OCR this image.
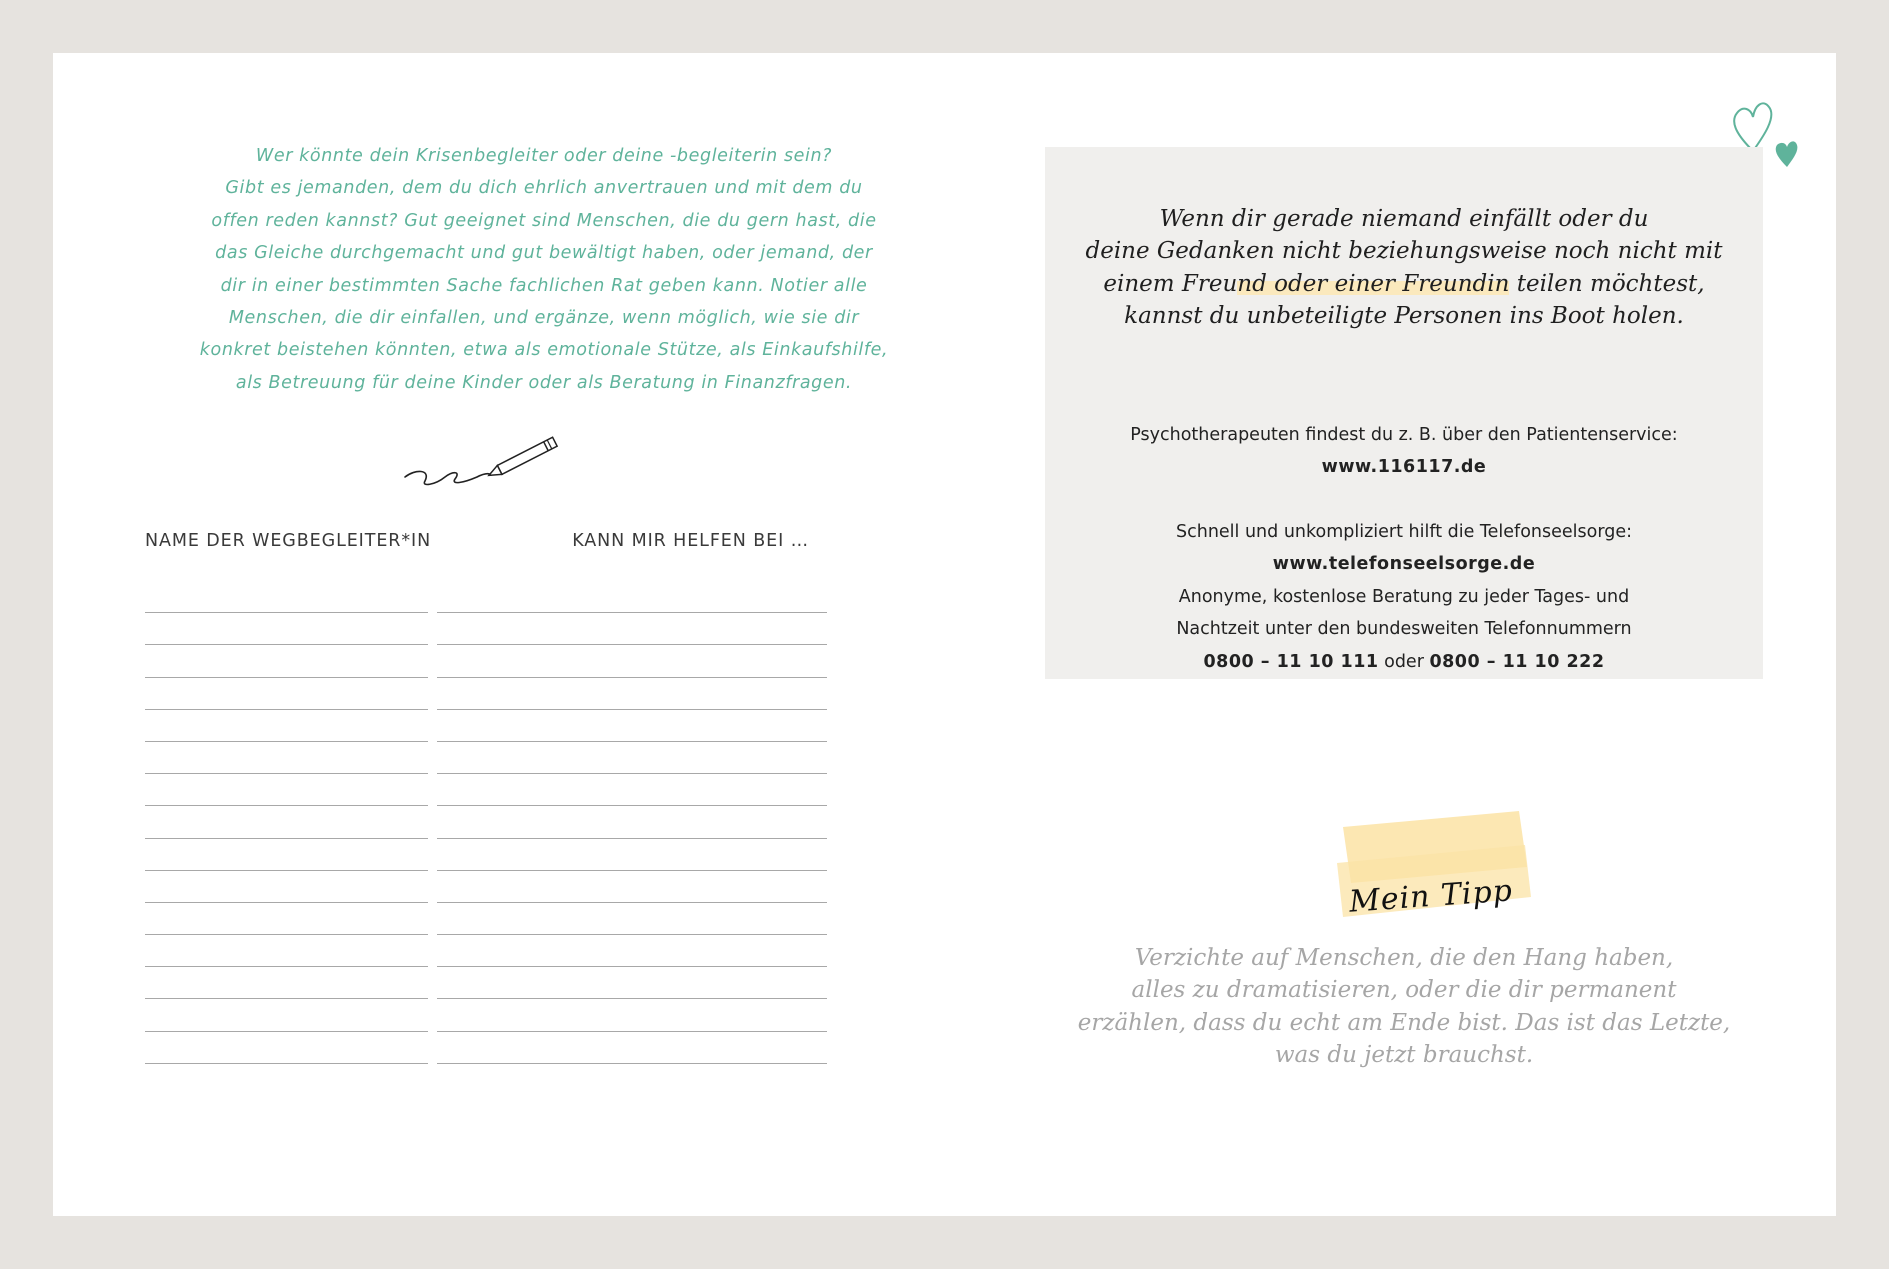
Wer könnte dein Krisenbegleiter oder deine -begleiterin sein?
Gibt es jemanden, dem du dich ehrlich anvertrauen und mit dem du
offen reden kannst? Gut geeignet sind Menschen, die du gern hast, die
das Gleiche durchgemacht und gut bewältigt haben, oder jemand, der
dir in einer bestimmten Sache fachlichen Rat geben kann. Notier alle
Menschen, die dir einfallen, und ergänze, wenn möglich, wie sie dir
konkret beistehen könnten, etwa als emotionale Stütze, als Einkaufshilfe,
als Betreuung für deine Kinder oder als Beratung in Finanzfragen.
NAME DER WEGBEGLEITER*IN	KANN MIR HELFEN BEI …
Wenn dir gerade niemand einfällt oder du
deine Gedanken nicht beziehungsweise noch nicht mit
einem Freund oder einer Freundin teilen möchtest,
kannst du unbeteiligte Personen ins Boot holen.
Psychotherapeuten findest du z. B. über den Patientenservice:
www.116117.de
Schnell und unkompliziert hilft die Telefonseelsorge:
www.telefonseelsorge.de
Anonyme, kostenlose Beratung zu jeder Tages- und
Nachtzeit unter den bundesweiten Telefonnummern
0800 – 11 10 111 oder 0800 – 11 10 222
Mein Tipp
Verzichte auf Menschen, die den Hang haben,
alles zu dramatisieren, oder die dir permanent
erzählen, dass du echt am Ende bist. Das ist das Letzte,
was du jetzt brauchst.
